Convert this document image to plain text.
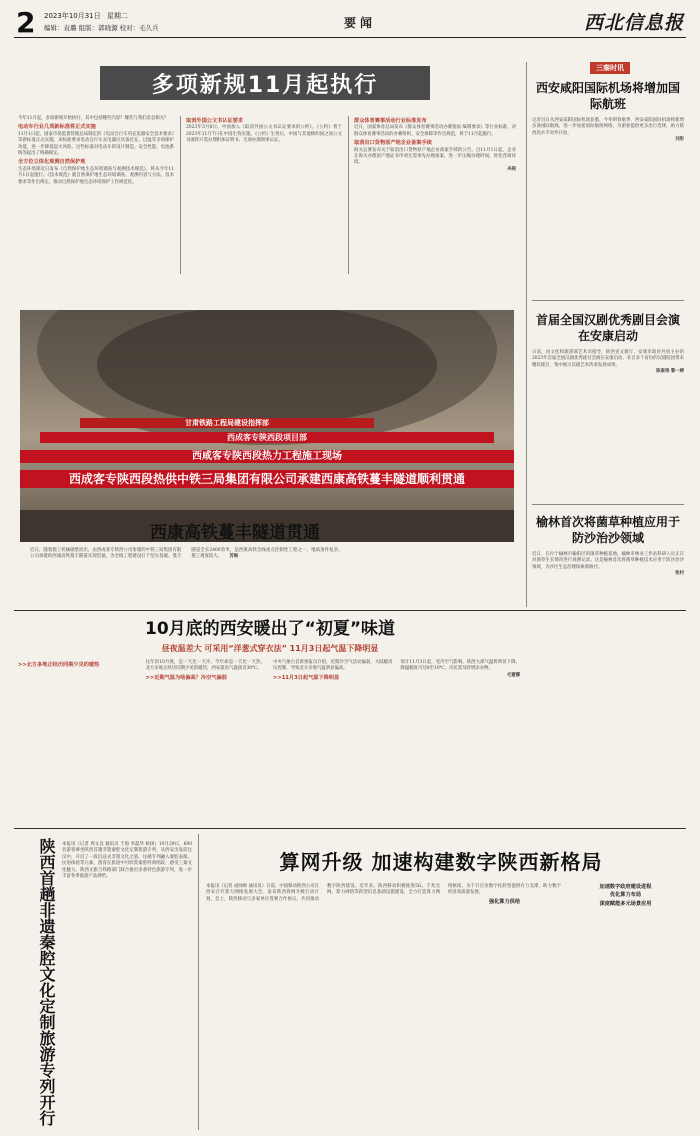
2 2023年10月31日 星期二
编辑：袁璐 组版：郭晓源 校对：毛久兵	要闻	西北信息报
多项新规11月起执行

今年11月起，多项新规开始执行，其中包括哪些内容？哪些与我们息息相关？

电动车行业几项新标准将正式实施

11月1日起，国家市场监督管理总局制定的《电动自行车用充电器安全技术要求》等新标准正式实施。该标准要求电动自行车充电器应具备过充、过温等多项保护功能，进一步降低起火风险。这些标准对电动车的设计制造、安全性能、电池系统等提出了明确规定。

全方位立体化观测自然保护地

生态环境部近日发布《自然保护地生态环境调查与观测技术规范》，将从今年11月1日起施行。《技术规范》就自然保护地生态环境调查、观测内容与方法、技术要求等作出规定，推动自然保护地生态环境保护工作规范化。

取消外国公文书认证要求

2023年3月8日，中国加入《取消外国公文书认证要求的公约》。《公约》将于2023年11月7日在中国生效实施。《公约》生效后，中国与其他缔约国之间公文书流转只需办理附加证明书，无须办理领事认证。

群众体育赛事活动行业标准发布

近日，国家体育总局发布《群众体育赛事活动办赛指南 编制要求》等行业标准，对群众体育赛事活动的办赛组织、安全保障等作出规范，将于11月起施行。

取消出口货物原产地企业备案手续

海关总署发布关于取消出口货物原产地企业备案手续的公告，自11月1日起，企业在海关办理原产地证书申请无需事先办理备案，进一步压缩办理时间，优化营商环境。

央视

三秦时讯
西安咸阳国际机场将增加国际航班

记者近日从西安咸阳国际机场获悉，今冬明春航季，西安咸阳国际机场将新增多条国际航线，进一步加密国际航班网络，为旅客提供更多出行选择，助力陕西高水平对外开放。

刘彤

首届全国汉剧优秀剧目会演在安康启动

日前，由文化和旅游部艺术司指导，陕西省文旅厅、安康市政府共同主办的2023年首届全国汉剧优秀剧目会演在安康启动，来自多个省份的汉剧院团带来精彩剧目，集中展示汉剧艺术传承发展成果。

陈泰涛 黎一婷

榆林首次将菌草种植应用于防沙治沙领域

近日，在位于榆林市榆阳区的菌草种植基地，榆林市林业工作站科研人员正在对菌草生长情况进行观测记录。这是榆林首次将菌草种植技术应用于防沙治沙领域，为沙区生态治理探索新路径。

张村

甘肃铁路工程局建设指挥部
西成客专陕西段项目部
西咸客专陕西段热力工程施工现场
西成客专陕西段热供中铁三局集团有限公司承建西康高铁蔓丰隧道顺利贯通
西康高铁蔓丰隧道贯通
近日，随着施工机械破壁而出，由西成客专陕西公司参建的中铁三局集团有限公司承建的西康高铁蔓丰隧道实现贯通，为全线工程建设打下坚实基础。蔓丰隧道全长2400余米，是西康高铁全线重点控制性工程之一，地质条件复杂，施工难度较大。 苏畅
10月底的西安暖出了“初夏”味道
昼夜温差大 可采用“洋葱式穿衣法” 11月3日起气温下降明显

>>北方多地正经历同期少见的暖热	往年的10月底，是一天比一天冷，今年却是一天比一天热。北方多地正经历同期少见的暖热，西安最高气温接近30℃。

>>近期气温为啥偏高？冷空气偏弱

中央气象台首席预报员介绍，近期冷空气活动偏弱，大陆暖高压控制，导致北方多地气温明显偏高。

>>11月3日起气温下降明显

预计11月3日起，受冷空气影响，陕西大部气温将明显下降，降温幅度可达8至10℃，市民需及时增添衣物。

毛蜜娜

陕西首趟非遗秦腔文化定制旅游专列开行 本报讯（记者 周文良 通讯员 于海 李磊华 杨扬）10月29日，690名游客乘坐陕西首趟非遗秦腔文化定制旅游专列，从西安出发前往汉中，开启了一段沉浸式非遗文化之旅。这趟专列融入秦腔表演、民俗体验等元素，游客在旅途中可欣赏秦腔经典唱段，感受三秦文化魅力。陕西文旅与铁路部门联合推出多条特色旅游专列，进一步丰富冬季旅游产品供给。
算网升级 加速构建数字陕西新格局

本报讯（记者 成帅帅 通讯员）日前，中国移动陕西公司在西安召开算力网络发展大会，发布陕西算网升级行动计划。会上，陕西移动与多家单位签署合作协议，共同推动数字陕西建设。近年来，陕西移动积极推进5G、千兆光网、算力网络等新型信息基础设施建设，全力打造算力网络枢纽，为千行百业数字化转型提供有力支撑，助力数字经济高质量发展。

强化算力供给

加速数字政府建设进程

优化算力布局

深度赋能多元场景应用
